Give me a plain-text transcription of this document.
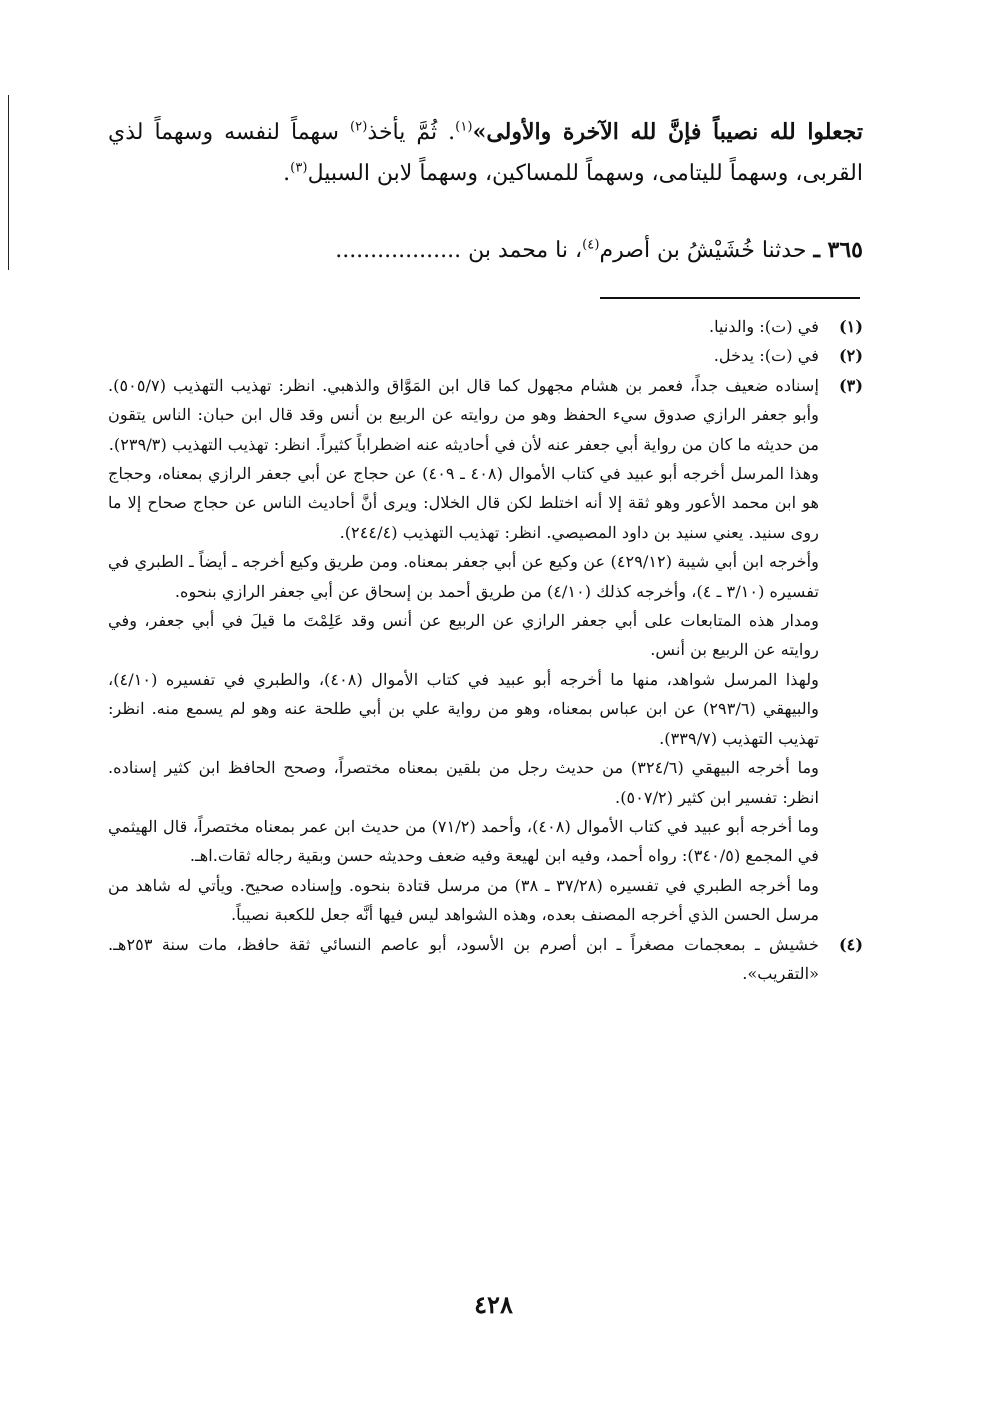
تجعلوا لله نصيباً فإنَّ لله الآخرة والأولى»$^{(١)}$. ثُمَّ يأخذ$^{(٢)}$ سهماً لنفسه وسهماً لذي القربى، وسهماً لليتامى، وسهماً للمساكين، وسهماً لابن السبيل$^{(٣)}$.
٣٦٥ ـ حدثنا خُشَيْشُ بن أصرم$^{(٤)}$، نا محمد بن ..................
(١)

في (ت): والدنيا.

(٢)

في (ت): يدخل.

(٣)

إسناده ضعيف جداً، فعمر بن هشام مجهول كما قال ابن المَوَّاق والذهبي. انظر: تهذيب التهذيب (٥٠٥/٧). وأبو جعفر الرازي صدوق سيء الحفظ وهو من روايته عن الربيع بن أنس وقد قال ابن حبان: الناس يتقون من حديثه ما كان من رواية أبي جعفر عنه لأن في أحاديثه عنه اضطراباً كثيراً. انظر: تهذيب التهذيب (٢٣٩/٣).

وهذا المرسل أخرجه أبو عبيد في كتاب الأموال (٤٠٨ ـ ٤٠٩) عن حجاج عن أبي جعفر الرازي بمعناه، وحجاج هو ابن محمد الأعور وهو ثقة إلا أنه اختلط لكن قال الخلال: ويرى أنَّ أحاديث الناس عن حجاج صحاح إلا ما روى سنيد. يعني سنيد بن داود المصيصي. انظر: تهذيب التهذيب (٢٤٤/٤).

وأخرجه ابن أبي شيبة (٤٢٩/١٢) عن وكيع عن أبي جعفر بمعناه. ومن طريق وكيع أخرجه ـ أيضاً ـ الطبري في تفسيره (٣/١٠ ـ ٤)، وأخرجه كذلك (٤/١٠) من طريق أحمد بن إسحاق عن أبي جعفر الرازي بنحوه.

ومدار هذه المتابعات على أبي جعفر الرازي عن الربيع عن أنس وقد عَلِمْتَ ما قيلَ في أبي جعفر، وفي روايته عن الربيع بن أنس.

ولهذا المرسل شواهد، منها ما أخرجه أبو عبيد في كتاب الأموال (٤٠٨)، والطبري في تفسيره (٤/١٠)، والبيهقي (٢٩٣/٦) عن ابن عباس بمعناه، وهو من رواية علي بن أبي طلحة عنه وهو لم يسمع منه. انظر: تهذيب التهذيب (٣٣٩/٧).

وما أخرجه البيهقي (٣٢٤/٦) من حديث رجل من بلقين بمعناه مختصراً، وصحح الحافظ ابن كثير إسناده. انظر: تفسير ابن كثير (٥٠٧/٢).

وما أخرجه أبو عبيد في كتاب الأموال (٤٠٨)، وأحمد (٧١/٢) من حديث ابن عمر بمعناه مختصراً، قال الهيثمي في المجمع (٣٤٠/٥): رواه أحمد، وفيه ابن لهيعة وفيه ضعف وحديثه حسن وبقية رجاله ثقات.اهـ.

وما أخرجه الطبري في تفسيره (٣٧/٢٨ ـ ٣٨) من مرسل قتادة بنحوه. وإسناده صحيح. ويأتي له شاهد من مرسل الحسن الذي أخرجه المصنف بعده، وهذه الشواهد ليس فيها أنَّه جعل للكعبة نصيباً.

(٤)

خشيش ـ بمعجمات مصغراً ـ ابن أصرم بن الأسود، أبو عاصم النسائي ثقة حافظ، مات سنة ٢٥٣هـ. «التقريب».

٤٢٨
